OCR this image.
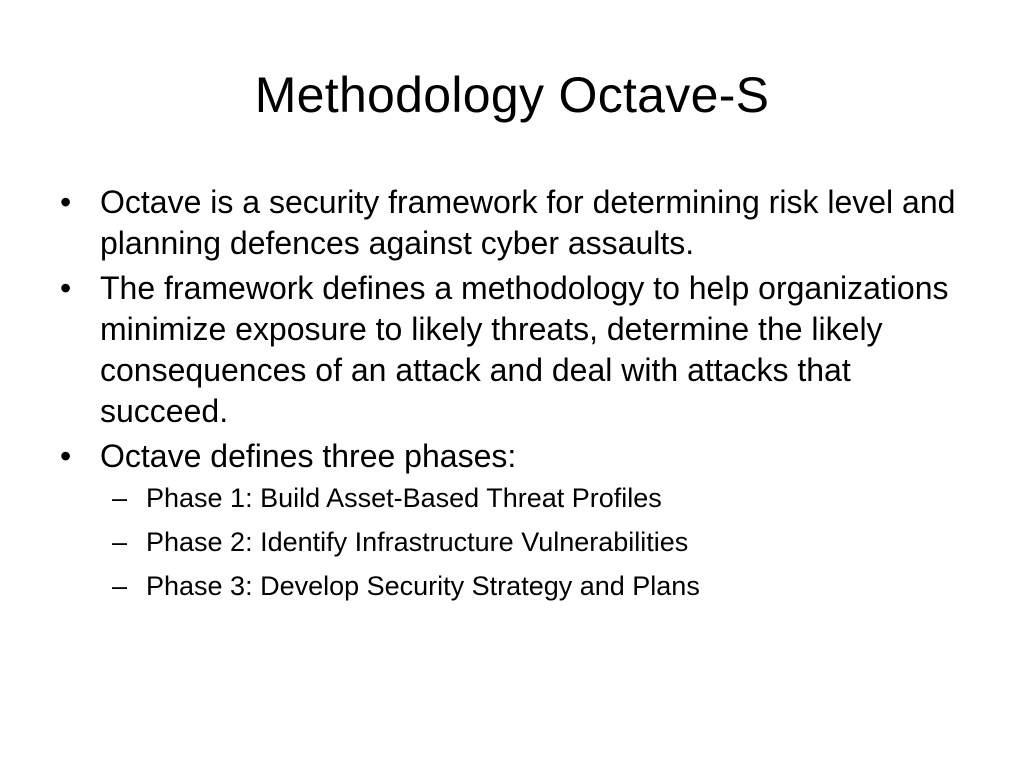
Methodology Octave-S
• Octave is a security framework for determining risk level and planning defences against cyber assaults.
• The framework defines a methodology to help organizations minimize exposure to likely threats, determine the likely consequences of an attack and deal with attacks that succeed.
• Octave defines three phases:
– Phase 1: Build Asset-Based Threat Profiles
– Phase 2: Identify Infrastructure Vulnerabilities
– Phase 3: Develop Security Strategy and Plans
